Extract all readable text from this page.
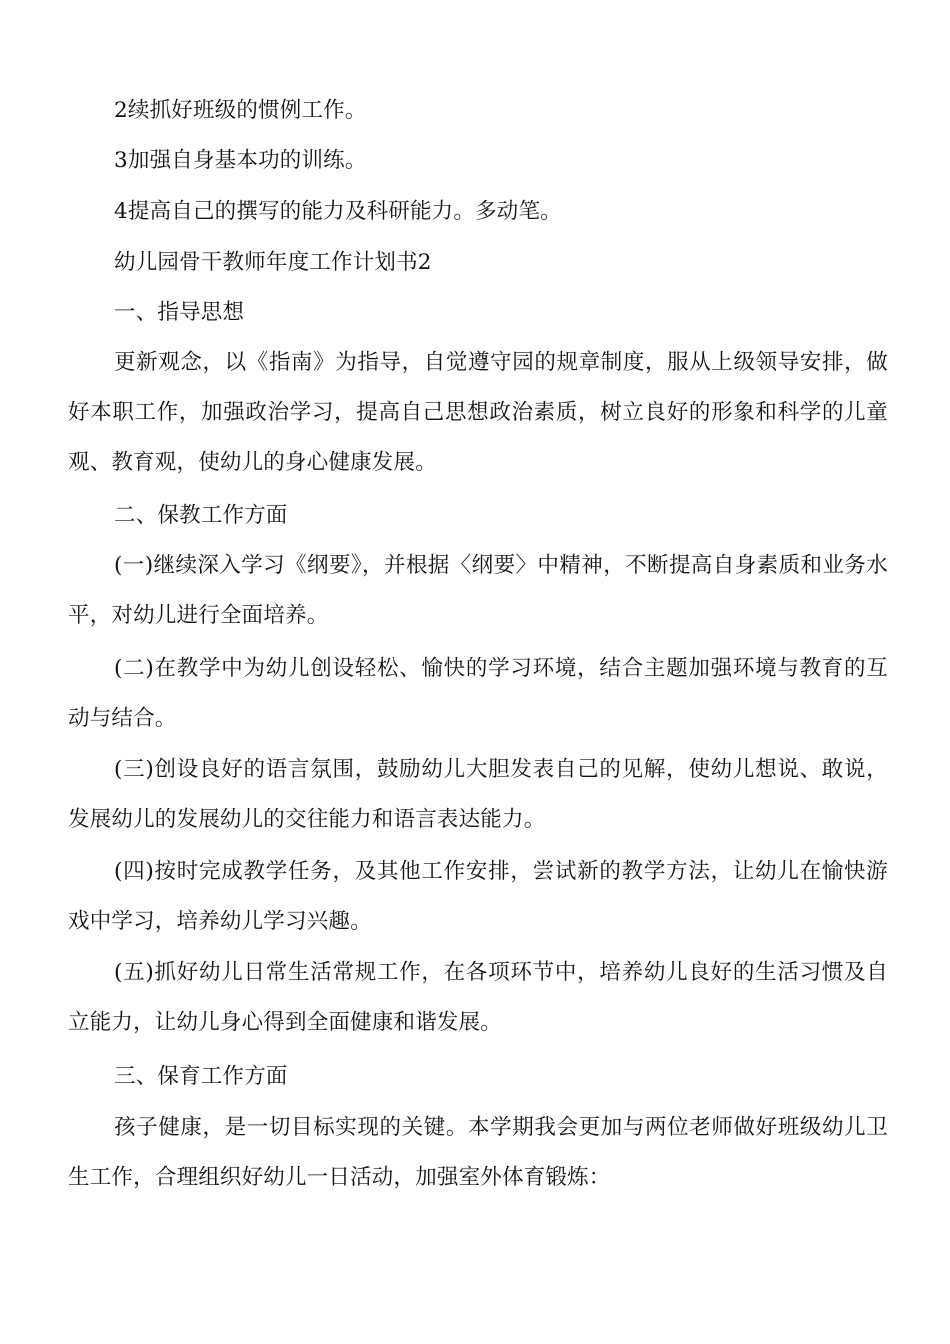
2续抓好班级的惯例工作。

3加强自身基本功的训练。

4提高自己的撰写的能力及科研能力。多动笔。

幼儿园骨干教师年度工作计划书2

一、指导思想

更新观念，以《指南》为指导，自觉遵守园的规章制度，服从上级领导安排，做好本职工作，加强政治学习，提高自己思想政治素质，树立良好的形象和科学的儿童观、教育观，使幼儿的身心健康发展。

二、保教工作方面

(一)继续深入学习《纲要》，并根据〈纲要〉中精神，不断提高自身素质和业务水平，对幼儿进行全面培养。

(二)在教学中为幼儿创设轻松、愉快的学习环境，结合主题加强环境与教育的互动与结合。

(三)创设良好的语言氛围，鼓励幼儿大胆发表自己的见解，使幼儿想说、敢说，发展幼儿的发展幼儿的交往能力和语言表达能力。

(四)按时完成教学任务，及其他工作安排，尝试新的教学方法，让幼儿在愉快游戏中学习，培养幼儿学习兴趣。

(五)抓好幼儿日常生活常规工作，在各项环节中，培养幼儿良好的生活习惯及自立能力，让幼儿身心得到全面健康和谐发展。

三、保育工作方面

孩子健康，是一切目标实现的关键。本学期我会更加与两位老师做好班级幼儿卫生工作，合理组织好幼儿一日活动，加强室外体育锻炼：
